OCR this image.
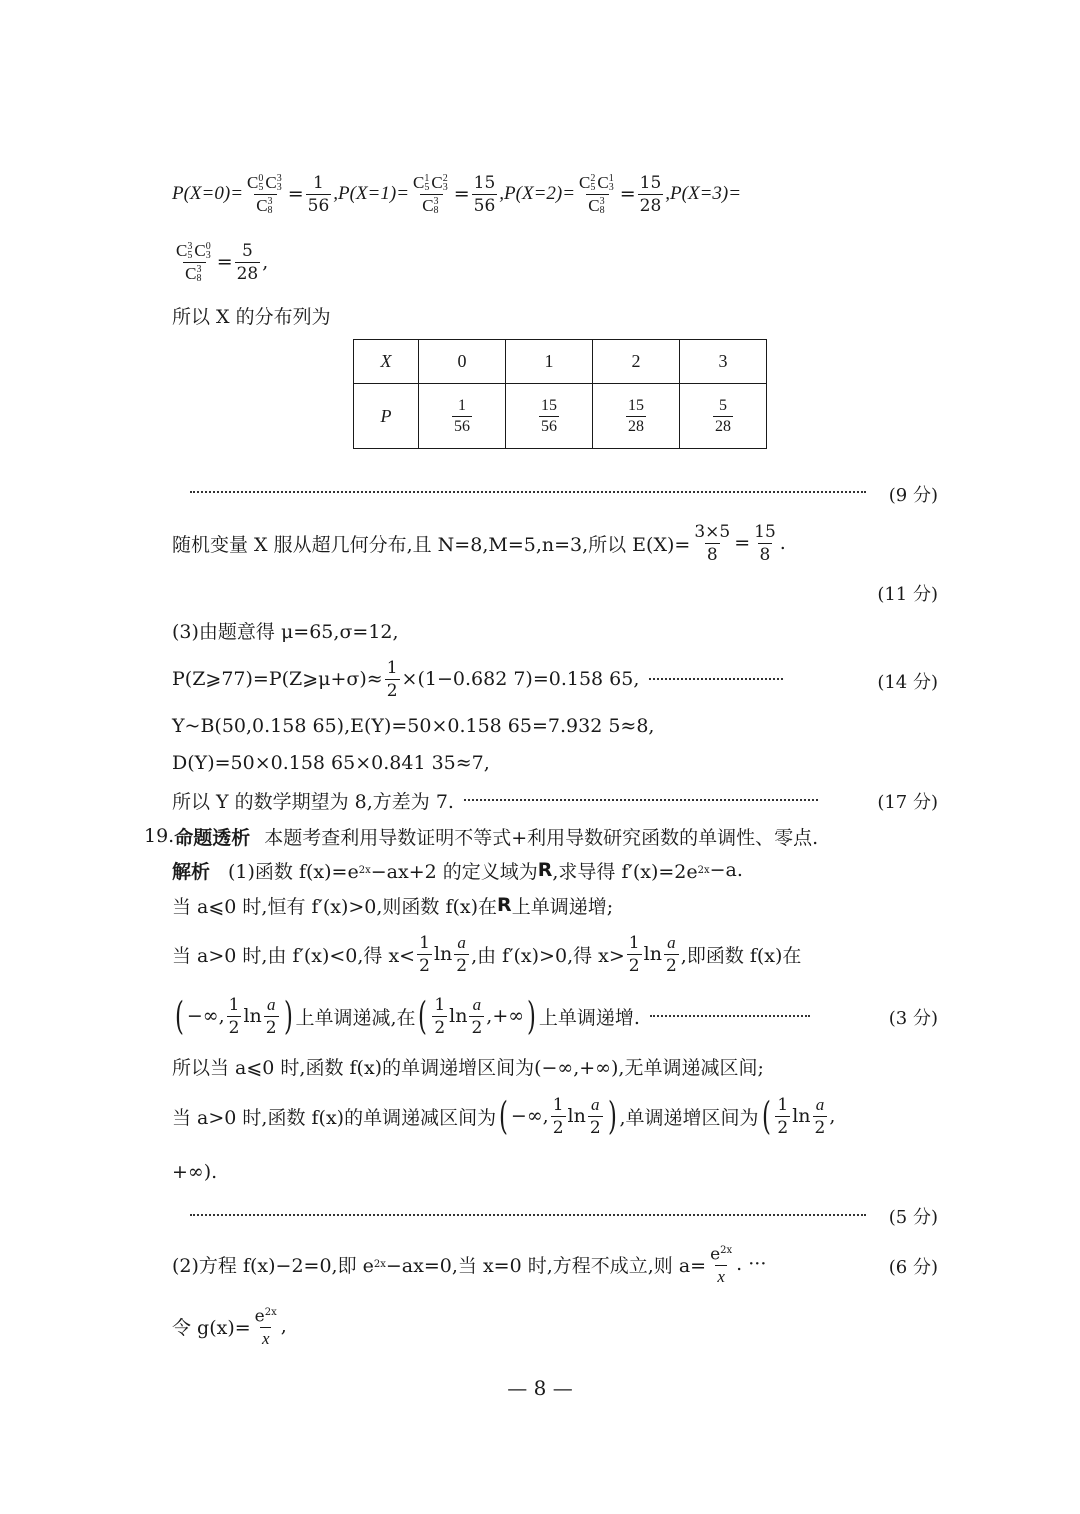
P(X=0)= C 0
5 C 3
3
C 3
$8 = \frac{1}{56} ,P(X=1)= C$ 1
5 C 2
3
C 3
$8 = \frac{15}{56} ,P(X=2)= C$ 2
5 C 1
3
C 3
$8 = \frac{15}{28} ,P(X=3)=$
C 3
5 C 0
3
C 3
$8 = \frac{5}{28}$ ,
所以 X 的分布列为
X	0	1	2	3
P	$\frac{1}{56}$	$\frac{15}{56}$	$\frac{15}{28}$	$\frac{5}{28}$
(9 分)
随机变量 X 服从超几何分布,且 N=8,M=5,n=3,所以 $E(X)= \frac{3\times 5}{8} = \frac{15}{8}$ .
(11 分)
(3)由题意得 μ=65,σ=12,
P(Z⩾77)=P(Z⩾μ+σ)≈ $\frac{1}{2} \times(1-0.682$ 7)=0.158 65,	(14 分)
Y~B(50,0.158 65),E(Y)=50×0.158 65=7.932 5≈8,
D(Y)=50×0.158 65×0.841 35≈7,
所以 Y 的数学期望为 8,方差为 7.	(17 分)
19. 命题透析 本题考查利用导数证明不等式+利用导数研究函数的单调性、零点.
解析 (1)函数 f(x)=e 2x −ax+2 的定义域为 R ,求导得 f′(x)=2e 2x −a.
当 a⩽0 时,恒有 f′(x)>0,则函数 f(x)在 R 上单调递增;
当 a>0 时,由 f′(x)<0,得 $x< \frac{1}{2}$ $\ln \frac{a}{2}$ ,由 f′(x)>0,得 $x> \frac{1}{2}$ $\ln \frac{a}{2}$ ,即函数 f(x)在
( −∞, $\frac{1}{2}$ $\ln \frac{a}{2}$ ) 上单调递减,在 ( $\frac{1}{2}$ $\ln \frac{a}{2}$ ,+∞ ) 上单调递增.	(3 分)
所以当 a⩽0 时,函数 f(x)的单调递增区间为(−∞,+∞),无单调递减区间;
当 a>0 时,函数 f(x)的单调递减区间为 ( −∞, $\frac{1}{2}$ $\ln \frac{a}{2}$ ) ,单调递增区间为 ( $\frac{1}{2}$ $\ln \frac{a}{2}$ ,
+∞).
(5 分)
(2)方程 f(x)−2=0,即 e 2x −ax=0,当 x=0 时,方程不成立,则 $a= \frac{e^{2x}}{x}$ . ···	(6 分)
令 $g(x)= \frac{e^{2x}}{x}$ ,
— 8 —
